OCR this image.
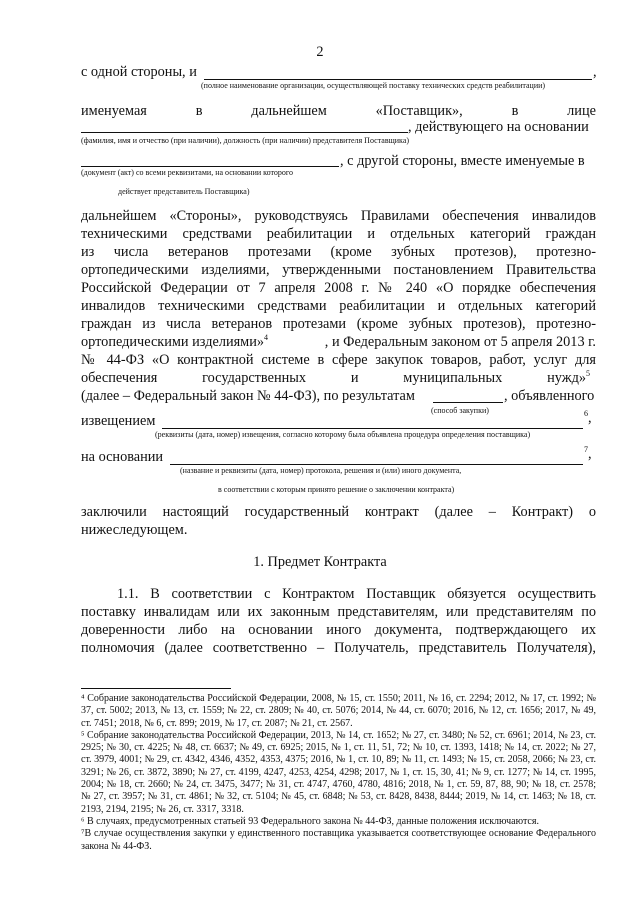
2
с одной стороны, и	,
(полное наименование организации, осуществляющей поставку технических средств реабилитации)
именуемая	в	дальнейшем	«Поставщик»,	в	лице
, действующего на основании
(фамилия, имя и отчество (при наличии), должность (при наличии) представителя Поставщика)
, с другой стороны, вместе именуемые в
(документ (акт) со всеми реквизитами, на основании которого
действует представитель Поставщика)
дальнейшем «Стороны», руководствуясь Правилами обеспечения инвалидов
техническими средствами реабилитации и отдельных категорий граждан
из числа ветеранов протезами (кроме зубных протезов), протезно-
ортопедическими изделиями, утвержденными постановлением Правительства
Российской Федерации от 7 апреля 2008 г. № 240 «О порядке обеспечения
инвалидов техническими средствами реабилитации и отдельных категорий
граждан из числа ветеранов протезами (кроме зубных протезов), протезно-
ортопедическими изделиями»$^4$	, и Федеральным законом от 5 апреля 2013 г.
№ 44-ФЗ «О контрактной системе в сфере закупок товаров, работ, услуг для
обеспечения государственных и муниципальных нужд»$^5$
(далее – Федеральный закон № 44-ФЗ), по результатам	, объявленного
(способ закупки)
извещением	$^6$,
(реквизиты (дата, номер) извещения, согласно которому была объявлена процедура определения поставщика)
на основании	$^7$,
(название и реквизиты (дата, номер) протокола, решения и (или) иного документа,
в соответствии с которым принято решение о заключении контракта)
заключили настоящий государственный контракт (далее – Контракт) о
нижеследующем.
1. Предмет Контракта
1.1. В соответствии с Контрактом Поставщик обязуется осуществить
поставку инвалидам или их законным представителям, или представителям по
доверенности либо на основании иного документа, подтверждающего их
полномочия (далее соответственно – Получатель, представитель Получателя),
⁴ Собрание законодательства Российской Федерации, 2008, № 15, ст. 1550; 2011, № 16, ст. 2294; 2012, № 17, ст. 1992; № 37, ст. 5002; 2013, № 13, ст. 1559; № 22, ст. 2809; № 40, ст. 5076; 2014, № 44, ст. 6070; 2016, № 12, ст. 1656; 2017, № 49, ст. 7451; 2018, № 6, ст. 899; 2019, № 17, ст. 2087; № 21, ст. 2567.
⁵ Собрание законодательства Российской Федерации, 2013, № 14, ст. 1652; № 27, ст. 3480; № 52, ст. 6961; 2014, № 23, ст. 2925; № 30, ст. 4225; № 48, ст. 6637; № 49, ст. 6925; 2015, № 1, ст. 11, 51, 72; № 10, ст. 1393, 1418; № 14, ст. 2022; № 27, ст. 3979, 4001; № 29, ст. 4342, 4346, 4352, 4353, 4375; 2016, № 1, ст. 10, 89; № 11, ст. 1493; № 15, ст. 2058, 2066; № 23, ст. 3291; № 26, ст. 3872, 3890; № 27, ст. 4199, 4247, 4253, 4254, 4298; 2017, № 1, ст. 15, 30, 41; № 9, ст. 1277; № 14, ст. 1995, 2004; № 18, ст. 2660; № 24, ст. 3475, 3477; № 31, ст. 4747, 4760, 4780, 4816; 2018, № 1, ст. 59, 87, 88, 90; № 18, ст. 2578; № 27, ст. 3957; № 31, ст. 4861; № 32, ст. 5104; № 45, ст. 6848; № 53, ст. 8428, 8438, 8444; 2019, № 14, ст. 1463; № 18, ст. 2193, 2194, 2195; № 26, ст. 3317, 3318.
⁶ В случаях, предусмотренных статьей 93 Федерального закона № 44-ФЗ, данные положения исключаются.
⁷В случае осуществления закупки у единственного поставщика указывается соответствующее основание Федерального закона № 44-ФЗ.
